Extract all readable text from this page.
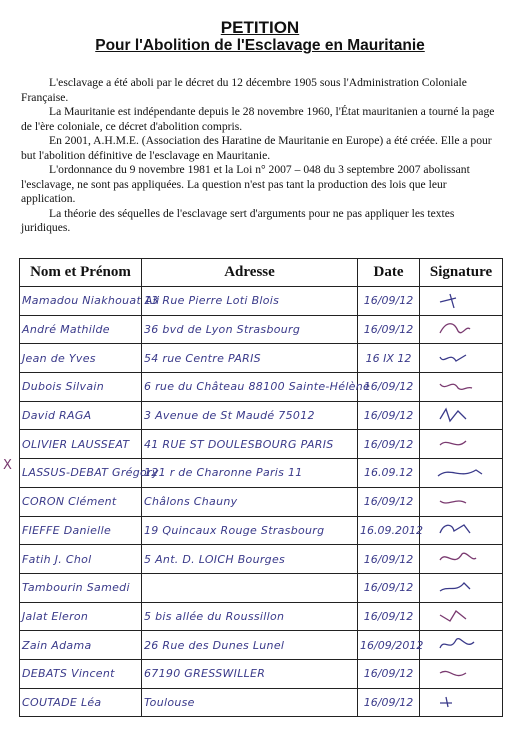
PETITION
Pour l'Abolition de l'Esclavage en Mauritanie

L'esclavage a été aboli par le décret du 12 décembre 1905 sous l'Administration Coloniale Française.

La Mauritanie est indépendante depuis le 28 novembre 1960, l'État mauritanien a tourné la page de l'ère coloniale, ce décret d'abolition compris.

En 2001, A.H.M.E. (Association des Haratine de Mauritanie en Europe) a été créée. Elle a pour but l'abolition définitive de l'esclavage en Mauritanie.

L'ordonnance du 9 novembre 1981 et la Loi n° 2007 – 048 du 3 septembre 2007 abolissant l'esclavage, ne sont pas appliquées. La question n'est pas tant la production des lois que leur application.

La théorie des séquelles de l'esclavage sert d'arguments pour ne pas appliquer les textes juridiques.

X
Nom et Prénom	Adresse	Date	Signature
Mamadou Niakhouat Ali	13 Rue Pierre Loti Blois	16/09/12	
André Mathilde	36 bvd de Lyon Strasbourg	16/09/12	
Jean de Yves	54 rue Centre PARIS	16 IX 12	
Dubois Silvain	6 rue du Château 88100 Sainte-Hélène	16/09/12	
David RAGA	3 Avenue de St Maudé 75012	16/09/12	
OLIVIER LAUSSEAT	41 RUE ST DOULESBOURG PARIS	16/09/12	
LASSUS-DEBAT Grégory	121 r de Charonne Paris 11	16.09.12	
CORON Clément	Châlons Chauny	16/09/12	
FIEFFE Danielle	19 Quincaux Rouge Strasbourg	16.09.2012	
Fatih J. Chol	5 Ant. D. LOICH Bourges	16/09/12	
Tambourin Samedi		16/09/12	
Jalat Eleron	5 bis allée du Roussillon	16/09/12	
Zain Adama	26 Rue des Dunes Lunel	16/09/2012	
DEBATS Vincent	67190 GRESSWILLER	16/09/12	
COUTADE Léa	Toulouse	16/09/12	
